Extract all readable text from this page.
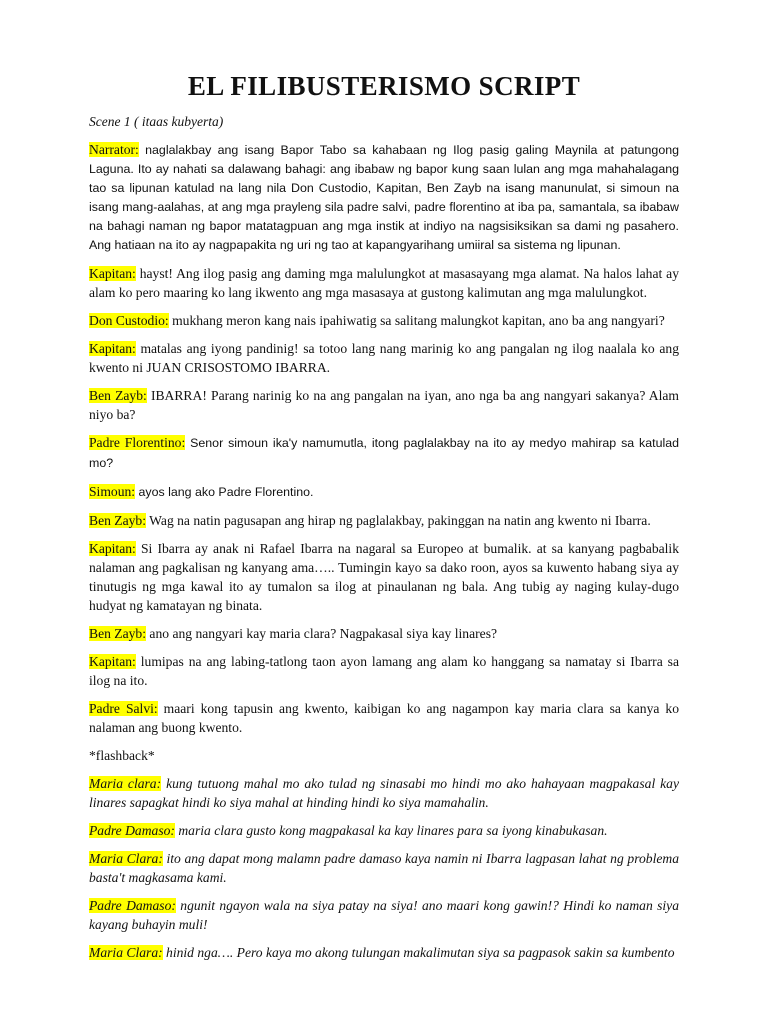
EL FILIBUSTERISMO SCRIPT

Scene 1 ( itaas kubyerta)

Narrator: naglalakbay ang isang Bapor Tabo sa kahabaan ng Ilog pasig galing Maynila at patungong Laguna. Ito ay nahati sa dalawang bahagi: ang ibabaw ng bapor kung saan lulan ang mga mahahalagang tao sa lipunan katulad na lang nila Don Custodio, Kapitan, Ben Zayb na isang manunulat, si simoun na isang mang-aalahas, at ang mga prayleng sila padre salvi, padre florentino at iba pa, samantala, sa ibabaw na bahagi naman ng bapor matatagpuan ang mga instik at indiyo na nagsisiksikan sa dami ng pasahero. Ang hatiaan na ito ay nagpapakita ng uri ng tao at kapangyarihang umiiral sa sistema ng lipunan.

Kapitan: hayst! Ang ilog pasig ang daming mga malulungkot at masasayang mga alamat. Na halos lahat ay alam ko pero maaring ko lang ikwento ang mga masasaya at gustong kalimutan ang mga malulungkot.

Don Custodio: mukhang meron kang nais ipahiwatig sa salitang malungkot kapitan, ano ba ang nangyari?

Kapitan: matalas ang iyong pandinig! sa totoo lang nang marinig ko ang pangalan ng ilog naalala ko ang kwento ni JUAN CRISOSTOMO IBARRA.

Ben Zayb: IBARRA! Parang narinig ko na ang pangalan na iyan, ano nga ba ang nangyari sakanya? Alam niyo ba?

Padre Florentino: Senor simoun ika'y namumutla, itong paglalakbay na ito ay medyo mahirap sa katulad mo?

Simoun: ayos lang ako Padre Florentino.

Ben Zayb: Wag na natin pagusapan ang hirap ng paglalakbay, pakinggan na natin ang kwento ni Ibarra.

Kapitan: Si Ibarra ay anak ni Rafael Ibarra na nagaral sa Europeo at bumalik. at sa kanyang pagbabalik nalaman ang pagkalisan ng kanyang ama….. Tumingin kayo sa dako roon, ayos sa kuwento habang siya ay tinutugis ng mga kawal ito ay tumalon sa ilog at pinaulanan ng bala. Ang tubig ay naging kulay-dugo hudyat ng kamatayan ng binata.

Ben Zayb: ano ang nangyari kay maria clara? Nagpakasal siya kay linares?

Kapitan: lumipas na ang labing-tatlong taon ayon lamang ang alam ko hanggang sa namatay si Ibarra sa ilog na ito.

Padre Salvi: maari kong tapusin ang kwento, kaibigan ko ang nagampon kay maria clara sa kanya ko nalaman ang buong kwento.

*flashback*

Maria clara: kung tutuong mahal mo ako tulad ng sinasabi mo hindi mo ako hahayaan magpakasal kay linares sapagkat hindi ko siya mahal at hinding hindi ko siya mamahalin.

Padre Damaso: maria clara gusto kong magpakasal ka kay linares para sa iyong kinabukasan.

Maria Clara: ito ang dapat mong malamn padre damaso kaya namin ni Ibarra lagpasan lahat ng problema basta't magkasama kami.

Padre Damaso: ngunit ngayon wala na siya patay na siya! ano maari kong gawin!? Hindi ko naman siya kayang buhayin muli!

Maria Clara: hinid nga…. Pero kaya mo akong tulungan makalimutan siya sa pagpasok sakin sa kumbento
